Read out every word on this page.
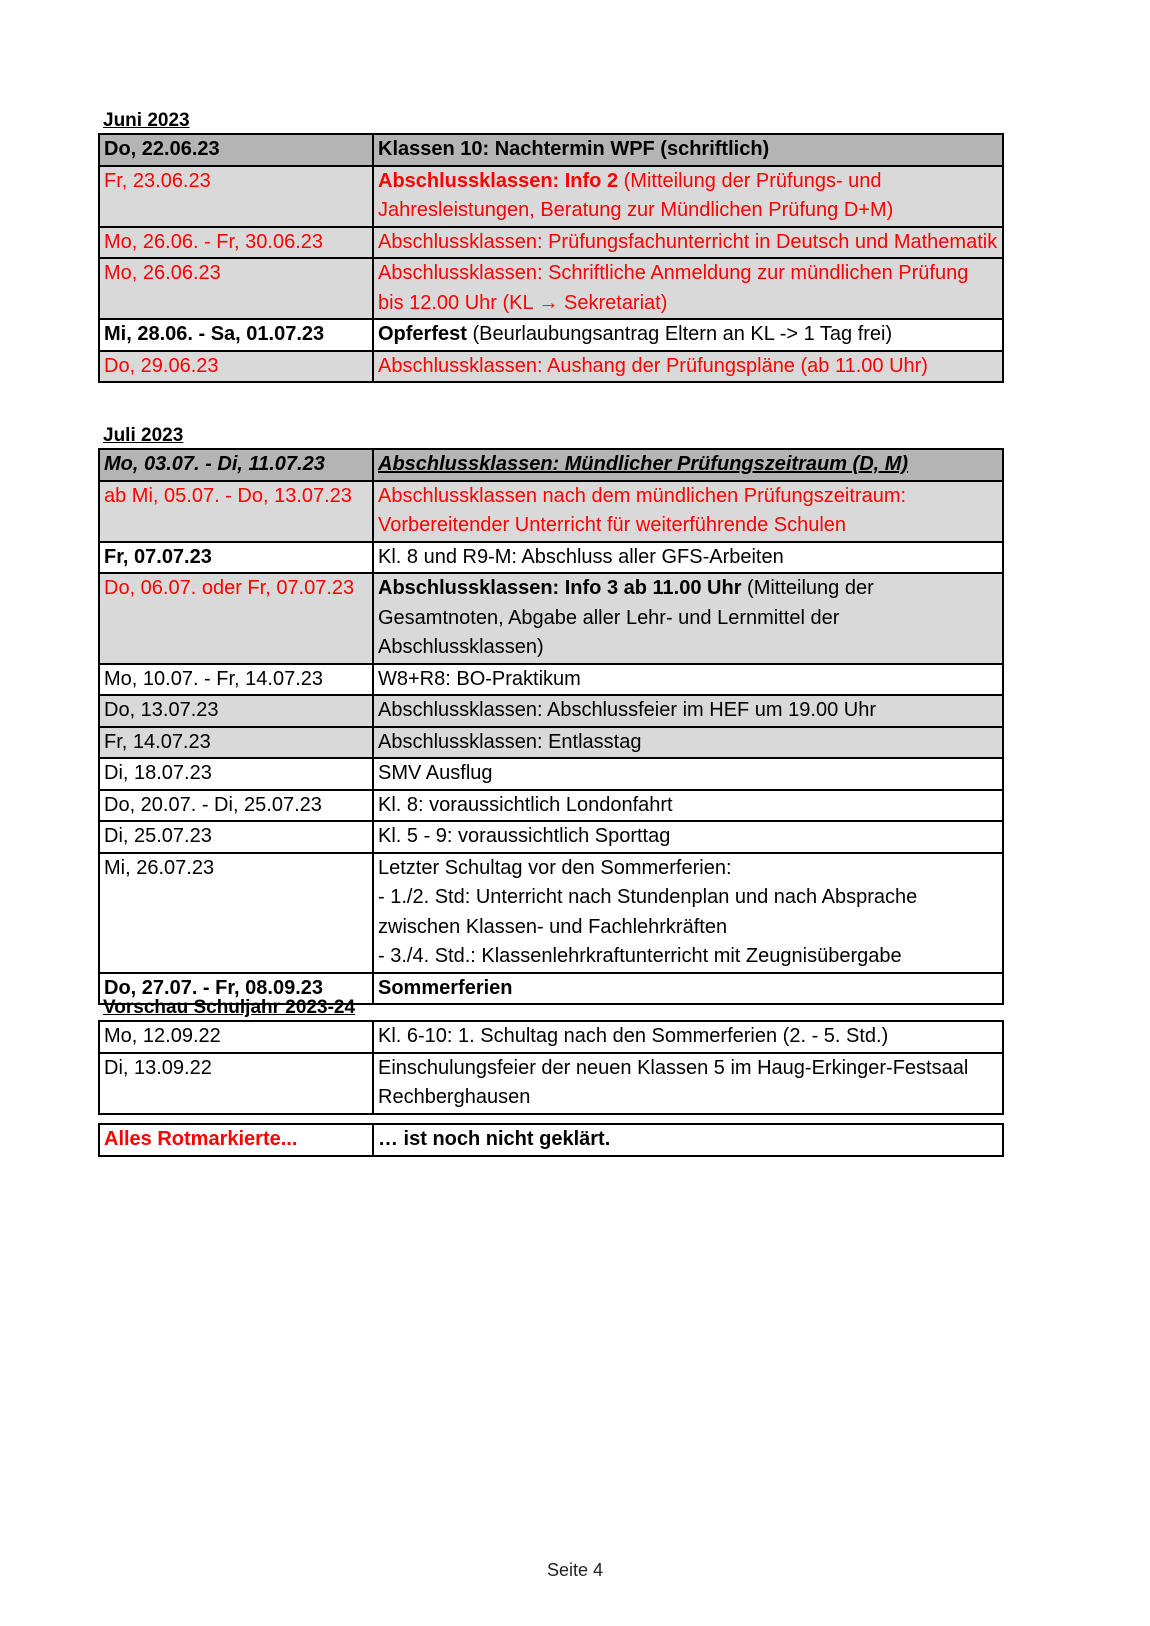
Juni 2023
Do, 22.06.23	Klassen 10: Nachtermin WPF (schriftlich)
Fr, 23.06.23	Abschlussklassen: Info 2 (Mitteilung der Prüfungs- und Jahresleistungen, Beratung zur Mündlichen Prüfung D+M)
Mo, 26.06. - Fr, 30.06.23	Abschlussklassen: Prüfungsfachunterricht in Deutsch und Mathematik
Mo, 26.06.23	Abschlussklassen: Schriftliche Anmeldung zur mündlichen Prüfung bis 12.00 Uhr (KL → Sekretariat)
Mi, 28.06. - Sa, 01.07.23	Opferfest (Beurlaubungsantrag Eltern an KL -> 1 Tag frei)
Do, 29.06.23	Abschlussklassen: Aushang der Prüfungspläne (ab 11.00 Uhr)
Juli 2023
Mo, 03.07. - Di, 11.07.23	Abschlussklassen: Mündlicher Prüfungszeitraum (D, M)
ab Mi, 05.07. - Do, 13.07.23	Abschlussklassen nach dem mündlichen Prüfungszeitraum: Vorbereitender Unterricht für weiterführende Schulen
Fr, 07.07.23	Kl. 8 und R9-M: Abschluss aller GFS-Arbeiten
Do, 06.07. oder Fr, 07.07.23	Abschlussklassen: Info 3 ab 11.00 Uhr (Mitteilung der Gesamtnoten, Abgabe aller Lehr- und Lernmittel der Abschlussklassen)
Mo, 10.07. - Fr, 14.07.23	W8+R8: BO-Praktikum
Do, 13.07.23	Abschlussklassen: Abschlussfeier im HEF um 19.00 Uhr
Fr, 14.07.23	Abschlussklassen: Entlasstag
Di, 18.07.23	SMV Ausflug
Do, 20.07. - Di, 25.07.23	Kl. 8: voraussichtlich Londonfahrt
Di, 25.07.23	Kl. 5 - 9: voraussichtlich Sporttag
Mi, 26.07.23	Letzter Schultag vor den Sommerferien:
- 1./2. Std: Unterricht nach Stundenplan und nach Absprache zwischen Klassen- und Fachlehrkräften
- 3./4. Std.: Klassenlehrkraftunterricht mit Zeugnisübergabe

Do, 27.07. - Fr, 08.09.23	Sommerferien
Vorschau Schuljahr 2023-24
Mo, 12.09.22	Kl. 6-10: 1. Schultag nach den Sommerferien (2. - 5. Std.)
Di, 13.09.22	Einschulungsfeier der neuen Klassen 5 im Haug-Erkinger-Festsaal Rechberghausen
Alles Rotmarkierte...	… ist noch nicht geklärt.
Seite 4
